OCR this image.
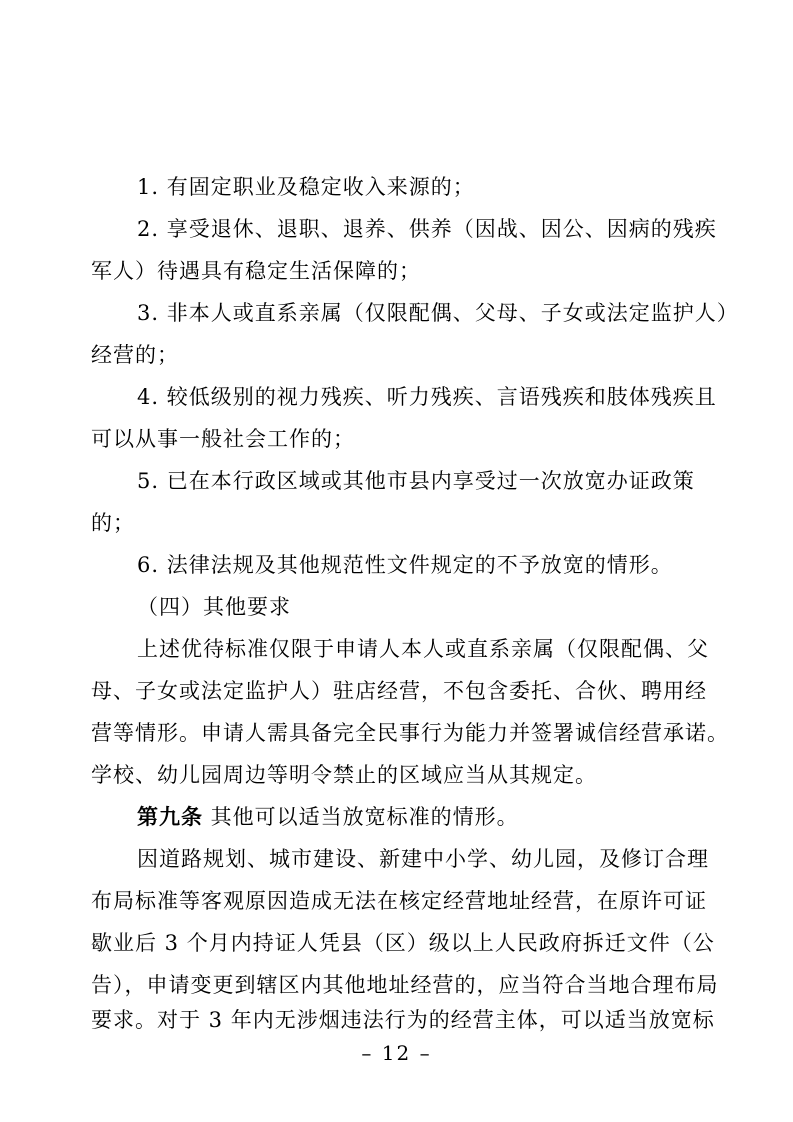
1. 有固定职业及稳定收入来源的；
2. 享受退休、退职、退养、供养（因战、因公、因病的残疾
军人）待遇具有稳定生活保障的；
3. 非本人或直系亲属（仅限配偶、父母、子女或法定监护人）
经营的；
4. 较低级别的视力残疾、听力残疾、言语残疾和肢体残疾且
可以从事一般社会工作的；
5. 已在本行政区域或其他市县内享受过一次放宽办证政策
的；
6. 法律法规及其他规范性文件规定的不予放宽的情形。
（四）其他要求
上述优待标准仅限于申请人本人或直系亲属（仅限配偶、父
母、子女或法定监护人）驻店经营，不包含委托、合伙、聘用经
营等情形。申请人需具备完全民事行为能力并签署诚信经营承诺。
学校、幼儿园周边等明令禁止的区域应当从其规定。
第九条 其他可以适当放宽标准的情形。
因道路规划、城市建设、新建中小学、幼儿园，及修订合理
布局标准等客观原因造成无法在核定经营地址经营，在原许可证
歇业后 3 个月内持证人凭县（区）级以上人民政府拆迁文件（公
告），申请变更到辖区内其他地址经营的，应当符合当地合理布局
– 12 –
要求。对于 3 年内无涉烟违法行为的经营主体，可以适当放宽标
